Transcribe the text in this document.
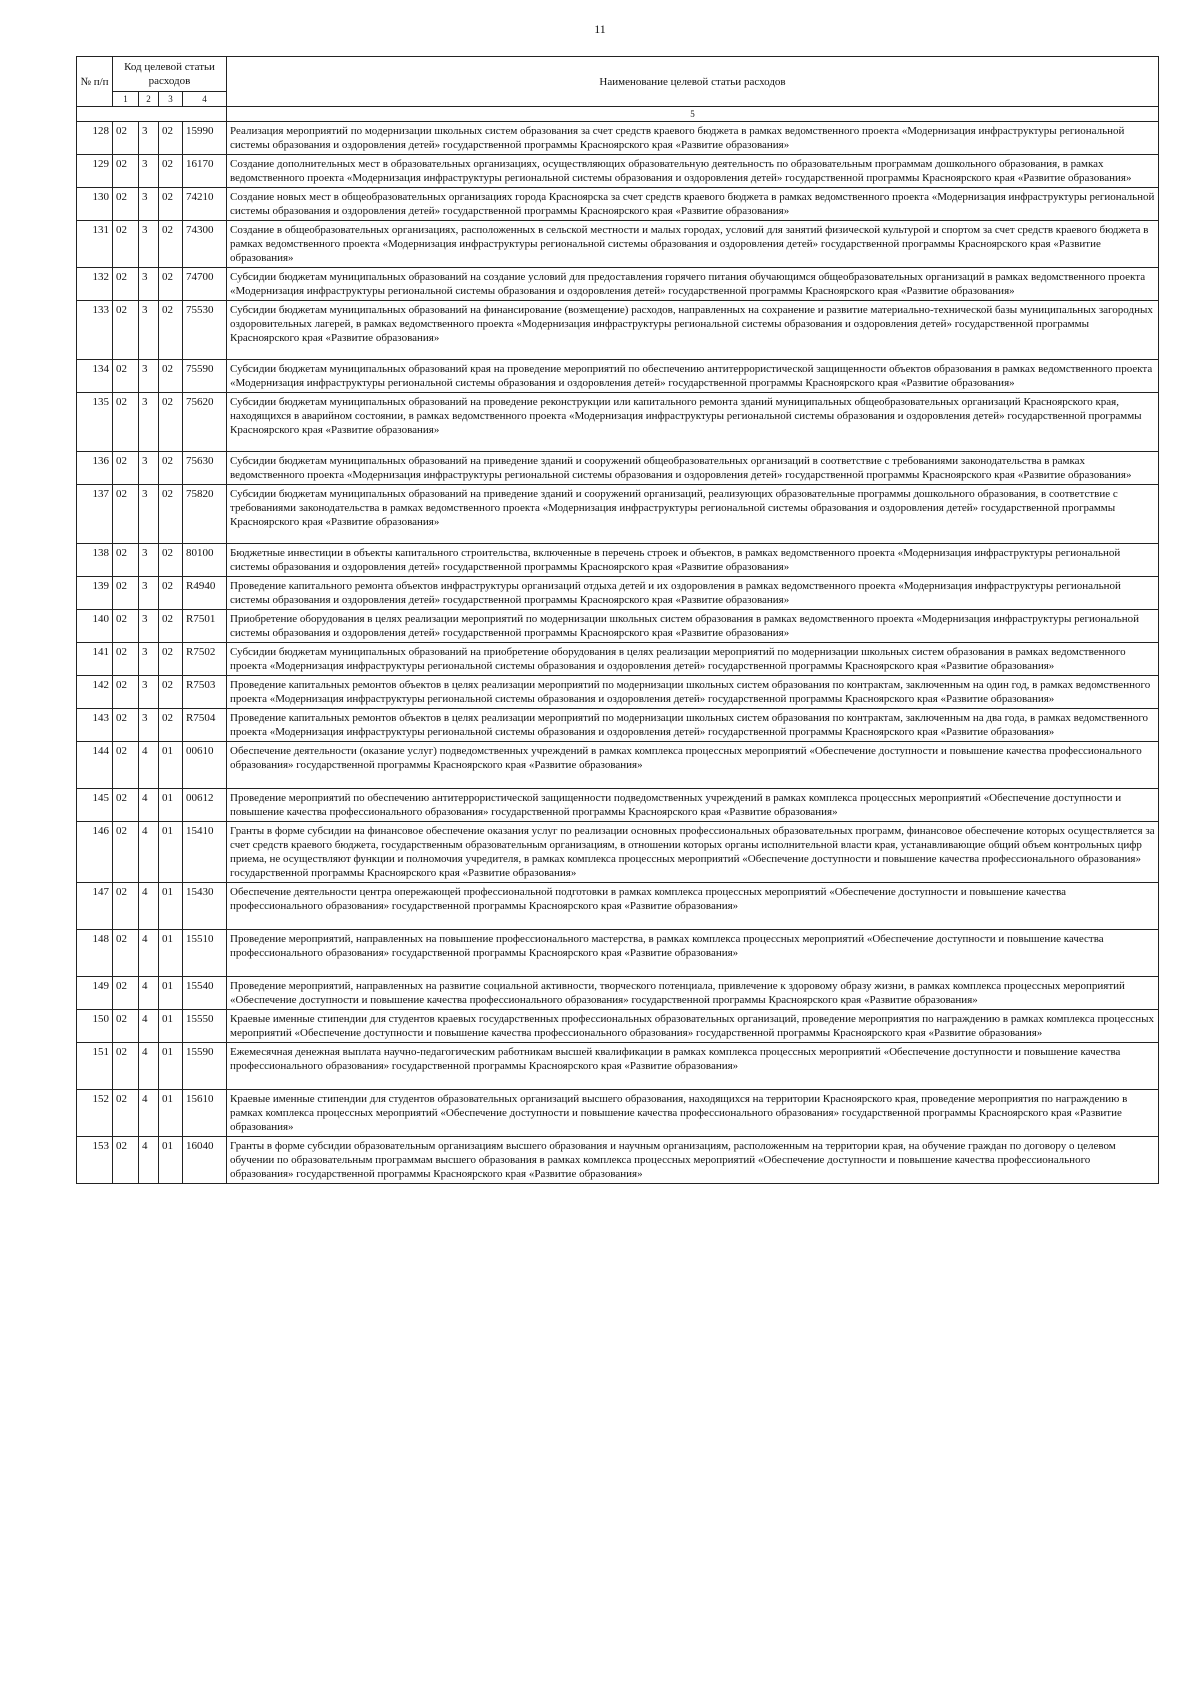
11
№ п/п	Код целевой статьи расходов				Наименование целевой статьи расходов
	1	2	3	4	
					5
128	02	3	02	15990	Реализация мероприятий по модернизации школьных систем образования за счет средств краевого бюджета в рамках ведомственного проекта «Модернизация инфраструктуры региональной системы образования и оздоровления детей» государственной программы Красноярского края «Развитие образования»
129	02	3	02	16170	Создание дополнительных мест в образовательных организациях, осуществляющих образовательную деятельность по образовательным программам дошкольного образования, в рамках ведомственного проекта «Модернизация инфраструктуры региональной системы образования и оздоровления детей» государственной программы Красноярского края «Развитие образования»
130	02	3	02	74210	Создание новых мест в общеобразовательных организациях города Красноярска за счет средств краевого бюджета в рамках ведомственного проекта «Модернизация инфраструктуры региональной системы образования и оздоровления детей» государственной программы Красноярского края «Развитие образования»
131	02	3	02	74300	Создание в общеобразовательных организациях, расположенных в сельской местности и малых городах, условий для занятий физической культурой и спортом за счет средств краевого бюджета в рамках ведомственного проекта «Модернизация инфраструктуры региональной системы образования и оздоровления детей» государственной программы Красноярского края «Развитие образования»
132	02	3	02	74700	Субсидии бюджетам муниципальных образований на создание условий для предоставления горячего питания обучающимся общеобразовательных организаций в рамках ведомственного проекта «Модернизация инфраструктуры региональной системы образования и оздоровления детей» государственной программы Красноярского края «Развитие образования»
133	02	3	02	75530	Субсидии бюджетам муниципальных образований на финансирование (возмещение) расходов, направленных на сохранение и развитие материально-технической базы муниципальных загородных оздоровительных лагерей, в рамках ведомственного проекта «Модернизация инфраструктуры региональной системы образования и оздоровления детей» государственной программы Красноярского края «Развитие образования»
134	02	3	02	75590	Субсидии бюджетам муниципальных образований края на проведение мероприятий по обеспечению антитеррористической защищенности объектов образования в рамках ведомственного проекта «Модернизация инфраструктуры региональной системы образования и оздоровления детей» государственной программы Красноярского края «Развитие образования»
135	02	3	02	75620	Субсидии бюджетам муниципальных образований на проведение реконструкции или капитального ремонта зданий муниципальных общеобразовательных организаций Красноярского края, находящихся в аварийном состоянии, в рамках ведомственного проекта «Модернизация инфраструктуры региональной системы образования и оздоровления детей» государственной программы Красноярского края «Развитие образования»
136	02	3	02	75630	Субсидии бюджетам муниципальных образований на приведение зданий и сооружений общеобразовательных организаций в соответствие с требованиями законодательства в рамках ведомственного проекта «Модернизация инфраструктуры региональной системы образования и оздоровления детей» государственной программы Красноярского края «Развитие образования»
137	02	3	02	75820	Субсидии бюджетам муниципальных образований на приведение зданий и сооружений организаций, реализующих образовательные программы дошкольного образования, в соответствие с требованиями законодательства в рамках ведомственного проекта «Модернизация инфраструктуры региональной системы образования и оздоровления детей» государственной программы Красноярского края «Развитие образования»
138	02	3	02	80100	Бюджетные инвестиции в объекты капитального строительства, включенные в перечень строек и объектов, в рамках ведомственного проекта «Модернизация инфраструктуры региональной системы образования и оздоровления детей» государственной программы Красноярского края «Развитие образования»
139	02	3	02	R4940	Проведение капитального ремонта объектов инфраструктуры организаций отдыха детей и их оздоровления в рамках ведомственного проекта «Модернизация инфраструктуры региональной системы образования и оздоровления детей» государственной программы Красноярского края «Развитие образования»
140	02	3	02	R7501	Приобретение оборудования в целях реализации мероприятий по модернизации школьных систем образования в рамках ведомственного проекта «Модернизация инфраструктуры региональной системы образования и оздоровления детей» государственной программы Красноярского края «Развитие образования»
141	02	3	02	R7502	Субсидии бюджетам муниципальных образований на приобретение оборудования в целях реализации мероприятий по модернизации школьных систем образования в рамках ведомственного проекта «Модернизация инфраструктуры региональной системы образования и оздоровления детей» государственной программы Красноярского края «Развитие образования»
142	02	3	02	R7503	Проведение капитальных ремонтов объектов в целях реализации мероприятий по модернизации школьных систем образования по контрактам, заключенным на один год, в рамках ведомственного проекта «Модернизация инфраструктуры региональной системы образования и оздоровления детей» государственной программы Красноярского края «Развитие образования»
143	02	3	02	R7504	Проведение капитальных ремонтов объектов в целях реализации мероприятий по модернизации школьных систем образования по контрактам, заключенным на два года, в рамках ведомственного проекта «Модернизация инфраструктуры региональной системы образования и оздоровления детей» государственной программы Красноярского края «Развитие образования»
144	02	4	01	00610	Обеспечение деятельности (оказание услуг) подведомственных учреждений в рамках комплекса процессных мероприятий «Обеспечение доступности и повышение качества профессионального образования» государственной программы Красноярского края «Развитие образования»
145	02	4	01	00612	Проведение мероприятий по обеспечению антитеррористической защищенности подведомственных учреждений в рамках комплекса процессных мероприятий «Обеспечение доступности и повышение качества профессионального образования» государственной программы Красноярского края «Развитие образования»
146	02	4	01	15410	Гранты в форме субсидии на финансовое обеспечение оказания услуг по реализации основных профессиональных образовательных программ, финансовое обеспечение которых осуществляется за счет средств краевого бюджета, государственным образовательным организациям, в отношении которых органы исполнительной власти края, устанавливающие общий объем контрольных цифр приема, не осуществляют функции и полномочия учредителя, в рамках комплекса процессных мероприятий «Обеспечение доступности и повышение качества профессионального образования» государственной программы Красноярского края «Развитие образования»
147	02	4	01	15430	Обеспечение деятельности центра опережающей профессиональной подготовки в рамках комплекса процессных мероприятий «Обеспечение доступности и повышение качества профессионального образования» государственной программы Красноярского края «Развитие образования»
148	02	4	01	15510	Проведение мероприятий, направленных на повышение профессионального мастерства, в рамках комплекса процессных мероприятий «Обеспечение доступности и повышение качества профессионального образования» государственной программы Красноярского края «Развитие образования»
149	02	4	01	15540	Проведение мероприятий, направленных на развитие социальной активности, творческого потенциала, привлечение к здоровому образу жизни, в рамках комплекса процессных мероприятий «Обеспечение доступности и повышение качества профессионального образования» государственной программы Красноярского края «Развитие образования»
150	02	4	01	15550	Краевые именные стипендии для студентов краевых государственных профессиональных образовательных организаций, проведение мероприятия по награждению в рамках комплекса процессных мероприятий «Обеспечение доступности и повышение качества профессионального образования» государственной программы Красноярского края «Развитие образования»
151	02	4	01	15590	Ежемесячная денежная выплата научно-педагогическим работникам высшей квалификации в рамках комплекса процессных мероприятий «Обеспечение доступности и повышение качества профессионального образования» государственной программы Красноярского края «Развитие образования»
152	02	4	01	15610	Краевые именные стипендии для студентов образовательных организаций высшего образования, находящихся на территории Красноярского края, проведение мероприятия по награждению в рамках комплекса процессных мероприятий «Обеспечение доступности и повышение качества профессионального образования» государственной программы Красноярского края «Развитие образования»
153	02	4	01	16040	Гранты в форме субсидии образовательным организациям высшего образования и научным организациям, расположенным на территории края, на обучение граждан по договору о целевом обучении по образовательным программам высшего образования в рамках комплекса процессных мероприятий «Обеспечение доступности и повышение качества профессионального образования» государственной программы Красноярского края «Развитие образования»
